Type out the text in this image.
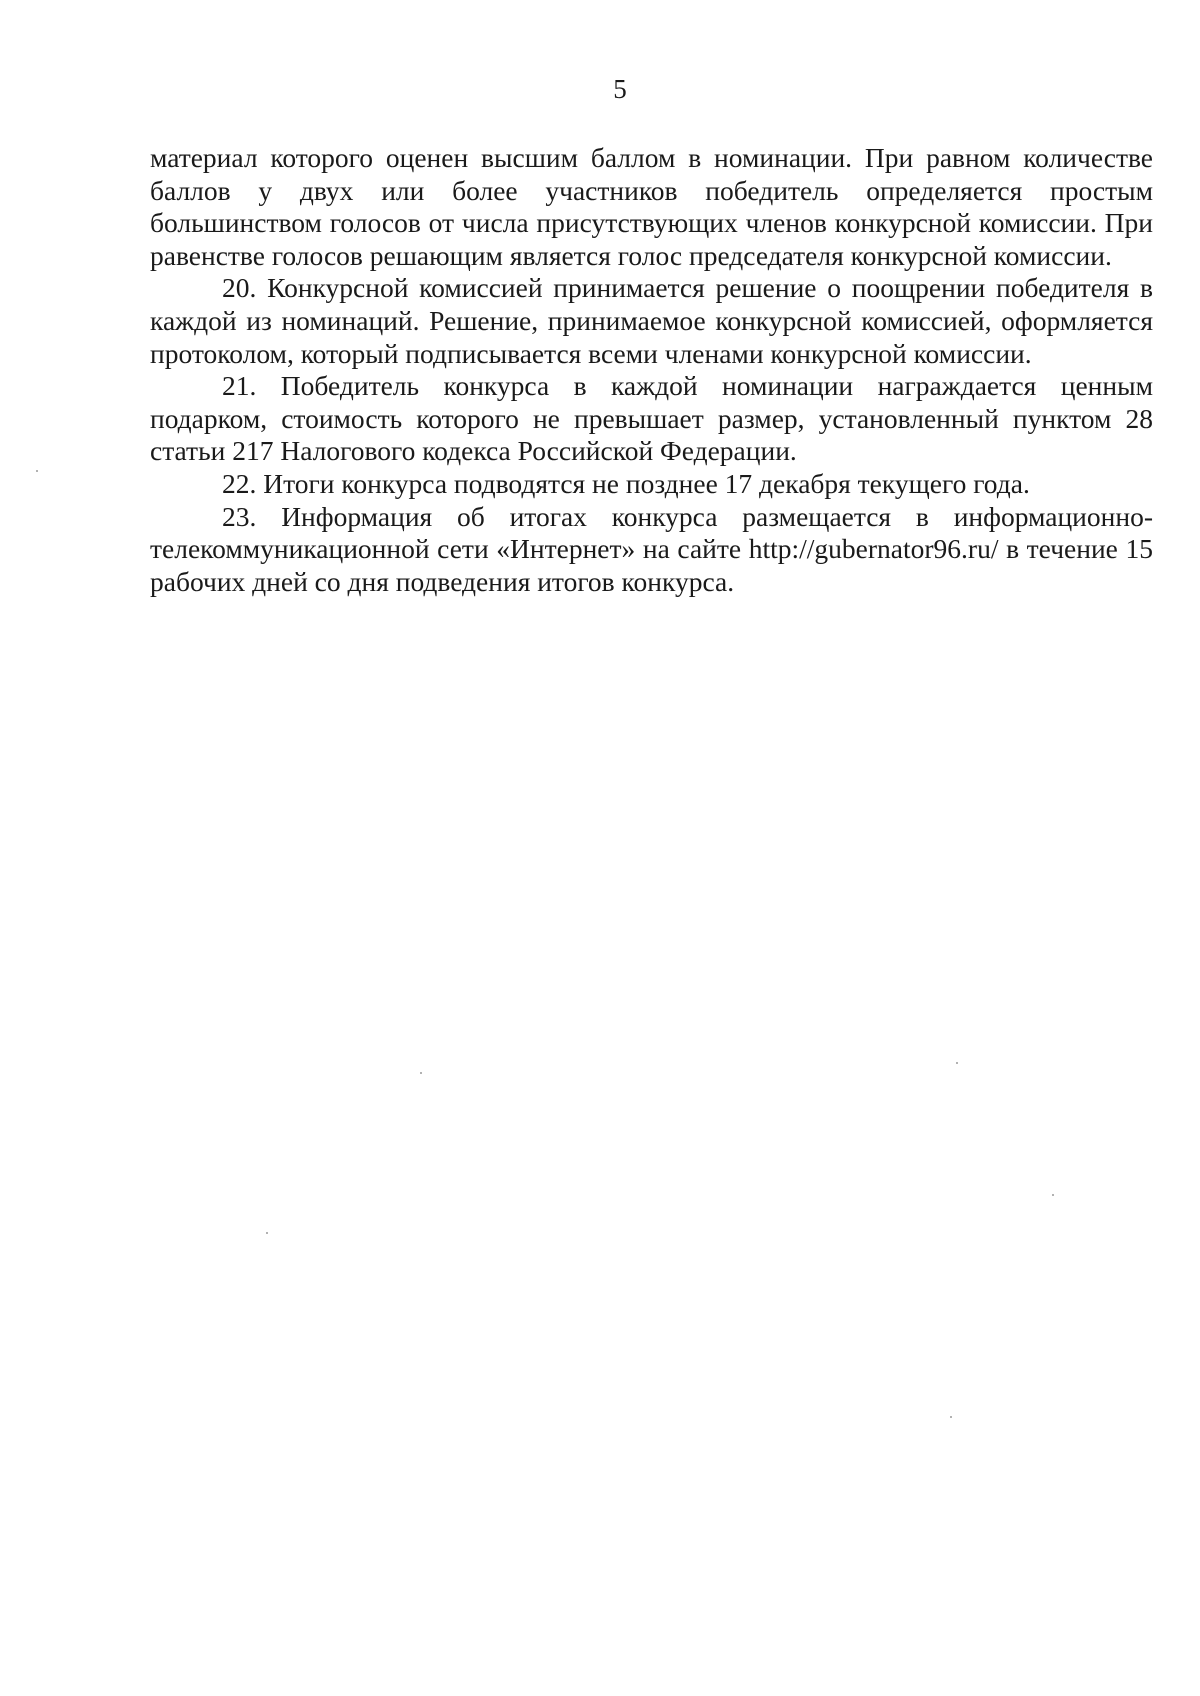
5

материал которого оценен высшим баллом в номинации. При равном количестве баллов у двух или более участников победитель определяется простым большинством голосов от числа присутствующих членов конкурсной комиссии. При равенстве голосов решающим является голос председателя конкурсной комиссии.

20. Конкурсной комиссией принимается решение о поощрении победителя в каждой из номинаций. Решение, принимаемое конкурсной комиссией, оформляется протоколом, который подписывается всеми членами конкурсной комиссии.

21. Победитель конкурса в каждой номинации награждается ценным подарком, стоимость которого не превышает размер, установленный пунктом 28 статьи 217 Налогового кодекса Российской Федерации.

22. Итоги конкурса подводятся не позднее 17 декабря текущего года.

23. Информация об итогах конкурса размещается в информационно-телекоммуникационной сети «Интернет» на сайте http://gubernator96.ru/ в течение 15 рабочих дней со дня подведения итогов конкурса.
